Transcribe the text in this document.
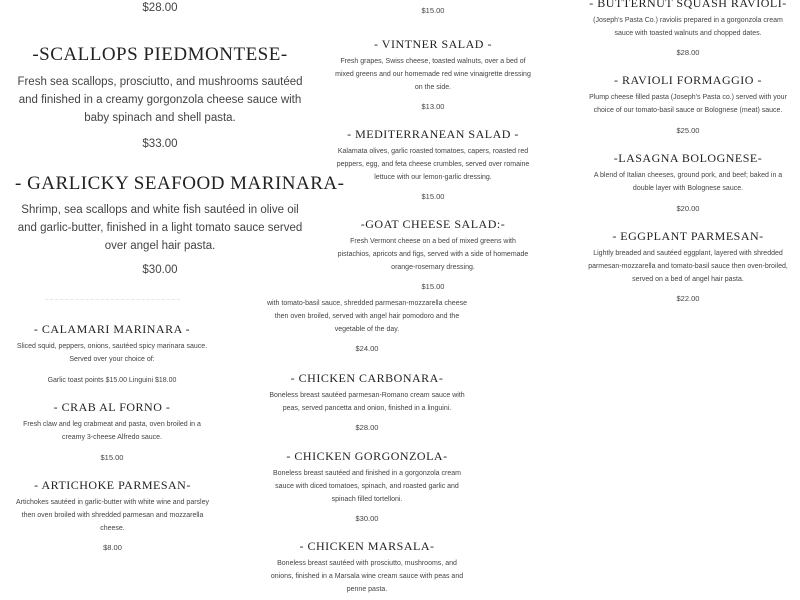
$28.00
-SCALLOPS PIEDMONTESE-
Fresh sea scallops, prosciutto, and mushrooms sautéed and finished in a creamy gorgonzola cheese sauce with baby spinach and shell pasta.
$33.00
- GARLICKY SEAFOOD MARINARA-
Shrimp, sea scallops and white fish sautéed in olive oil and garlic-butter, finished in a light tomato sauce served over angel hair pasta.
$30.00
- CALAMARI MARINARA -
Sliced squid, peppers, onions, sautéed spicy marinara sauce. Served over your choice of:
Garlic toast points $15.00 Linguini $18.00
- CRAB AL FORNO -
Fresh claw and leg crabmeat and pasta, oven broiled in a creamy 3-cheese Alfredo sauce.
$15.00
- ARTICHOKE PARMESAN-
Artichokes sautéed in garlic-butter with white wine and parsley then oven broiled with shredded parmesan and mozzarella cheese.
$8.00
$15.00
- VINTNER SALAD -
Fresh grapes, Swiss cheese, toasted walnuts, over a bed of mixed greens and our homemade red wine vinaigrette dressing on the side.
$13.00
- MEDITERRANEAN SALAD -
Kalamata olives, garlic roasted tomatoes, capers, roasted red peppers, egg, and feta cheese crumbles, served over romaine lettuce with our lemon-garlic dressing.
$15.00
-GOAT CHEESE SALAD:-
Fresh Vermont cheese on a bed of mixed greens with pistachios, apricots and figs, served with a side of homemade orange-rosemary dressing.
$15.00
with tomato-basil sauce, shredded parmesan-mozzarella cheese then oven broiled, served with angel hair pomodoro and the vegetable of the day.
$24.00
- CHICKEN CARBONARA-
Boneless breast sautéed parmesan-Romano cream sauce with peas, served pancetta and onion, finished in a linguini.
$28.00
- CHICKEN GORGONZOLA-
Boneless breast sautéed and finished in a gorgonzola cream sauce with diced tomatoes, spinach, and roasted garlic and spinach filled tortelloni.
$30.00
- CHICKEN MARSALA-
Boneless breast sautéed with prosciutto, mushrooms, and onions, finished in a Marsala wine cream sauce with peas and penne pasta.
- BUTTERNUT SQUASH RAVIOLI-
(Joseph's Pasta Co.) raviolis prepared in a gorgonzola cream sauce with toasted walnuts and chopped dates.
$28.00
- RAVIOLI FORMAGGIO -
Plump cheese filled pasta (Joseph's Pasta co.) served with your choice of our tomato-basil sauce or Bolognese (meat) sauce.
$25.00
-LASAGNA BOLOGNESE-
A blend of Italian cheeses, ground pork, and beef; baked in a double layer with Bolognese sauce.
$20.00
- EGGPLANT PARMESAN-
Lightly breaded and sautéed eggplant, layered with shredded parmesan-mozzarella and tomato-basil sauce then oven-broiled, served on a bed of angel hair pasta.
$22.00
